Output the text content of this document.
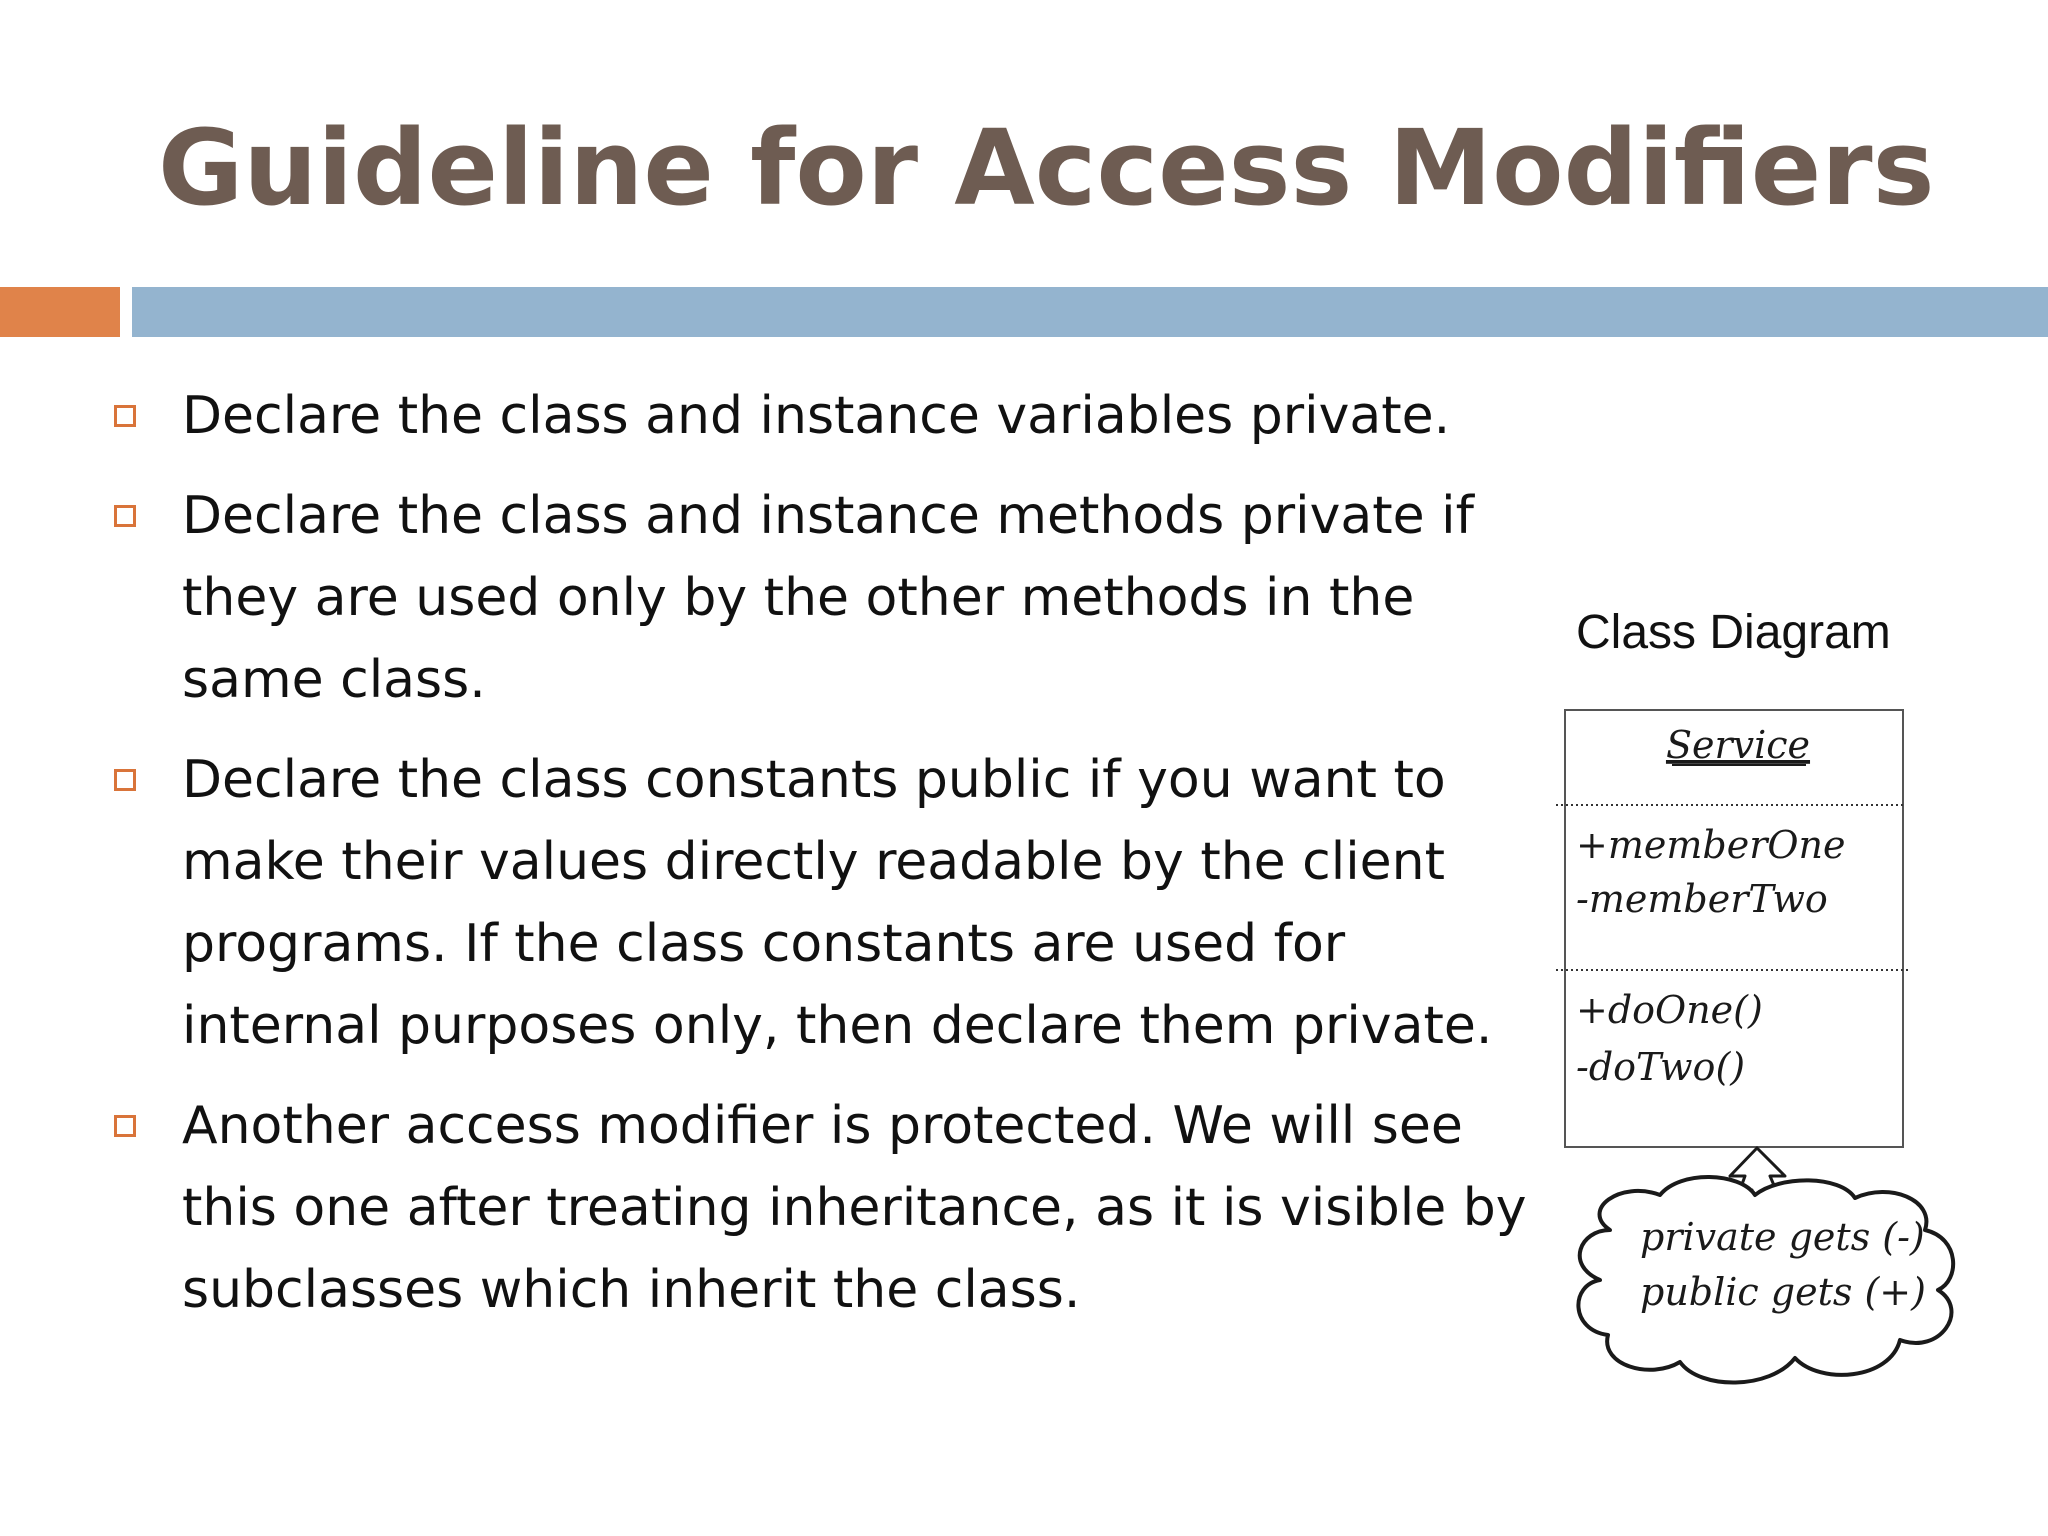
Guideline for Access Modifiers
Declare the class and instance variables private.
Declare the class and instance methods private if they are used only by the other methods in the same class.
Declare the class constants public if you want to make their values directly readable by the client programs. If the class constants are used for internal purposes only, then declare them private.
Another access modifier is protected. We will see this one after treating inheritance, as it is visible by subclasses which inherit the class.
Class Diagram
Service
+memberOne
-memberTwo
+doOne()
-doTwo()
private gets (-)
public gets (+)
